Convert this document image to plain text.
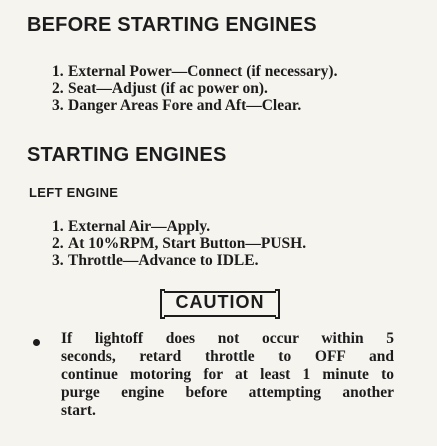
BEFORE STARTING ENGINES
1. External Power—Connect (if necessary).
2. Seat—Adjust (if ac power on).
3. Danger Areas Fore and Aft—Clear.
STARTING ENGINES
LEFT ENGINE
1. External Air—Apply.
2. At 10%RPM, Start Button—PUSH.
3. Throttle—Advance to IDLE.
CAUTION

If lightoff does not occur within 5
seconds, retard throttle to OFF and
continue motoring for at least 1 minute to
purge engine before attempting another
start.
